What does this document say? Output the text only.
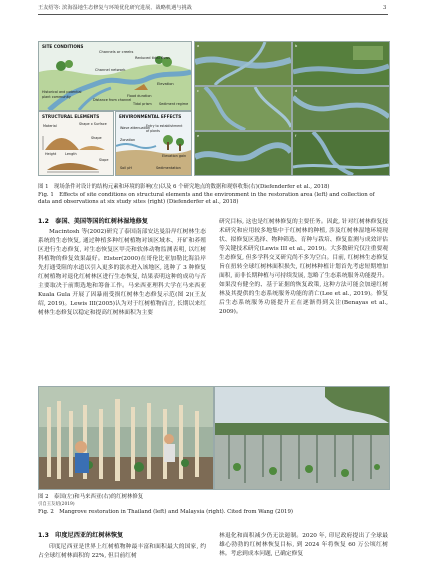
王友绍等: 滨海湿地生态修复与环境优化研究进展、战略机遇与挑战	3
SITE CONDITIONS
Channels or creeks
Reduced tidal flows
Channel network
Elevation
Historical and potential plant community
Distance from channel
Flood duration
Tidal prism Sediment regime
STRUCTURAL ELEMENTS
Material	Shape x Surface
Height	Length
Shape
Slope
ENVIRONMENTAL EFFECTS
Wave attenuation
Entry to establishment of plants
Zonation
Elevation gain
Soil pH	Sedimentation
a	b
c	d
e	f
图 1　现场条件对设计的结构元素和环境的影响(左)以及 6 个研究地点的数据和观察收集(右)(Diefenderfer et al., 2018)
Fig. 1　Effects of site conditions on structural elements and the environment in the restoration area (left) and collection of data and observations at six study sites (right) (Diefenderfer et al., 2018)
1.2　泰国、美国等国的红树林湿地修复
Macintosh 等(2002)研究了泰国南部安达曼沿岸红树林生态系统的生态恢复, 通过种植多种红树植物对该区域本、开矿和养殖区进行生态修复, 对生态恢复区甲壳和软体动物监测表明, 以红树科植物的修复效果最好。Elster(2000)在哥伦比亚加勒比海沿岸先打通受阻的水道以引入更多的淡水进入该地区, 选种了 3 种修复红树植物对退化红树林区进行生态恢复, 结果表明这种的成功与否主要取决于前期选地和筹备工作。马来西亚理科大学在马来西亚 Kuala Gula 开展了因暴雨受损红树林生态修复示范(图 2)(王友绍, 2019)。Lewis III(2005)认为对于红树植物而言, 长期以来红树林生态修复以稳定和提高红树林面积为主要
研究目标, 这也是红树林修复的主要任务。因此, 针对红树林修复技术研究和应用较多地集中于红树林的种植, 涉及红树林湿地环境现状、拟修复区选择、物种筛选、育种与栽培、修复监测与成效评估等关键技术研究(Lewis III et al., 2019)。大多数研究仅注重要观生态修复, 但多学科交叉研究尚不多为空白。目前, 红树林生态修复旨在扭转全球红树林面积损失, 红树林种植计划首先考虑短期增加面积, 而非长期种植与可持续发展, 忽略了生态系统服务功能提升。如果没有健全的、基于证据的恢复政策, 这种方法可能会加速红树林及其提供的生态系统服务功能的消亡(Lee et al., 2019)。修复后生态系统服务功能提升正在逐渐得到关注(Benayas et al., 2009)。
图 2　泰国(左)和马来西亚(右)的红树林修复
引自王友绍(2019)
Fig. 2　Mangrove restoration in Thailand (left) and Malaysia (right). Cited from Wang (2019)
1.3　印度尼西亚的红树林恢复
印度尼西亚是世界上红树植物种最丰富和面积最大的国家, 约占全球红树林面积的 22%, 但目前红树
林退化和面积减少仍无法遏制。2020 年, 印尼政府提出了全球最雄心勃勃的红树林恢复目标, 到 2024 年将恢复 60 万公顷红树林。考虑到成本问题, 已确定修复
